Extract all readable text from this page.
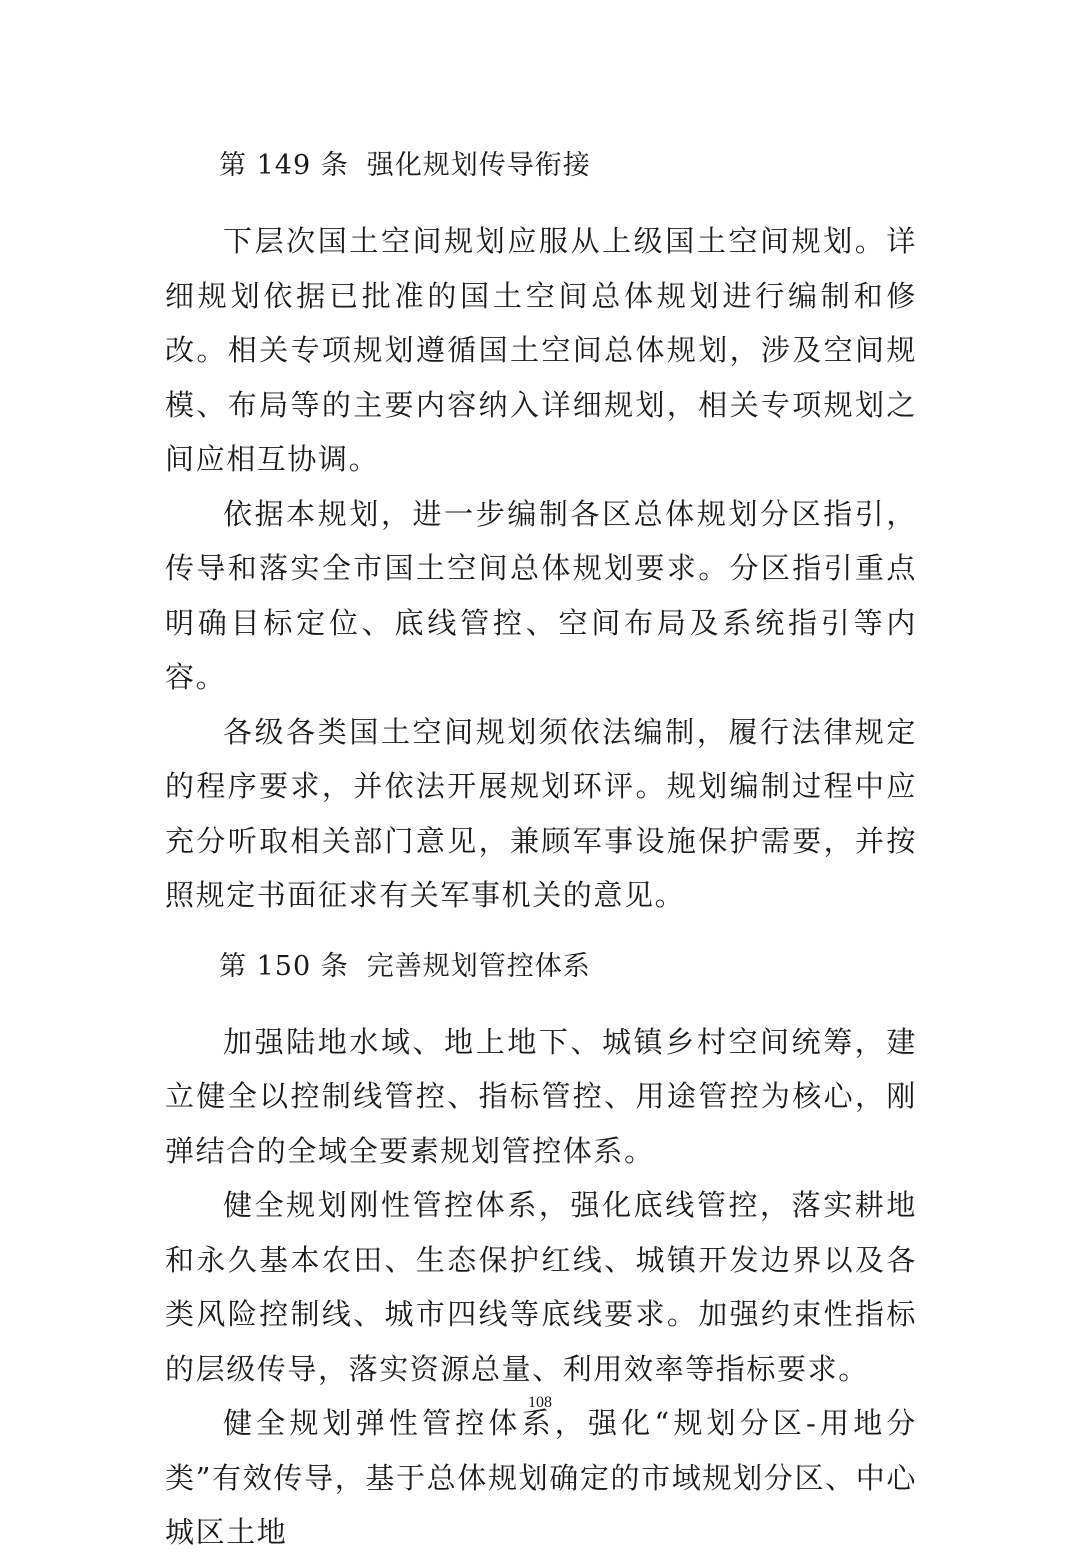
第 149 条 强化规划传导衔接

下层次国土空间规划应服从上级国土空间规划。详细规划依据已批准的国土空间总体规划进行编制和修改。相关专项规划遵循国土空间总体规划，涉及空间规模、布局等的主要内容纳入详细规划，相关专项规划之间应相互协调。

依据本规划，进一步编制各区总体规划分区指引，传导和落实全市国土空间总体规划要求。分区指引重点明确目标定位、底线管控、空间布局及系统指引等内容。

各级各类国土空间规划须依法编制，履行法律规定的程序要求，并依法开展规划环评。规划编制过程中应充分听取相关部门意见，兼顾军事设施保护需要，并按照规定书面征求有关军事机关的意见。

第 150 条 完善规划管控体系

加强陆地水域、地上地下、城镇乡村空间统筹，建立健全以控制线管控、指标管控、用途管控为核心，刚弹结合的全域全要素规划管控体系。

健全规划刚性管控体系，强化底线管控，落实耕地和永久基本农田、生态保护红线、城镇开发边界以及各类风险控制线、城市四线等底线要求。加强约束性指标的层级传导，落实资源总量、利用效率等指标要求。

健全规划弹性管控体系，强化“规划分区-用地分类”有效传导，基于总体规划确定的市域规划分区、中心城区土地

108
